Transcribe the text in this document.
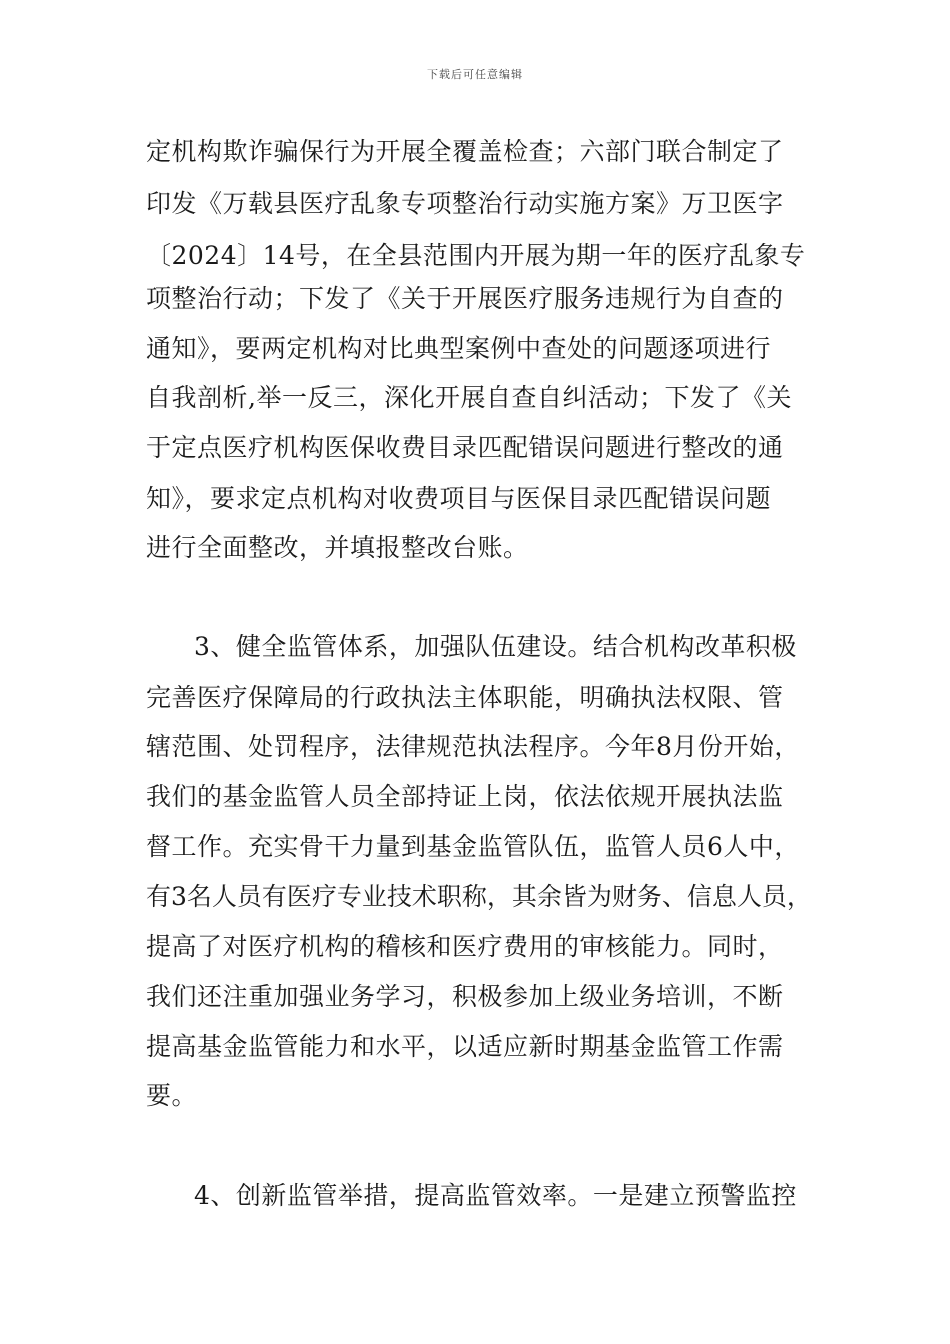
下载后可任意编辑
定机构欺诈骗保行为开展全覆盖检查；六部门联合制定了
印发《万载县医疗乱象专项整治行动实施方案》万卫医字
〔2024〕14号，在全县范围内开展为期一年的医疗乱象专
项整治行动；下发了《关于开展医疗服务违规行为自查的
通知》，要两定机构对比典型案例中查处的问题逐项进行
自我剖析,举一反三，深化开展自查自纠活动；下发了《关
于定点医疗机构医保收费目录匹配错误问题进行整改的通
知》，要求定点机构对收费项目与医保目录匹配错误问题
进行全面整改，并填报整改台账。
3、健全监管体系，加强队伍建设。结合机构改革积极
完善医疗保障局的行政执法主体职能，明确执法权限、管
辖范围、处罚程序，法律规范执法程序。今年8月份开始，
我们的基金监管人员全部持证上岗，依法依规开展执法监
督工作。充实骨干力量到基金监管队伍，监管人员6人中，
有3名人员有医疗专业技术职称，其余皆为财务、信息人员，
提高了对医疗机构的稽核和医疗费用的审核能力。同时，
我们还注重加强业务学习，积极参加上级业务培训，不断
提高基金监管能力和水平，以适应新时期基金监管工作需
要。
4、创新监管举措，提高监管效率。一是建立预警监控
